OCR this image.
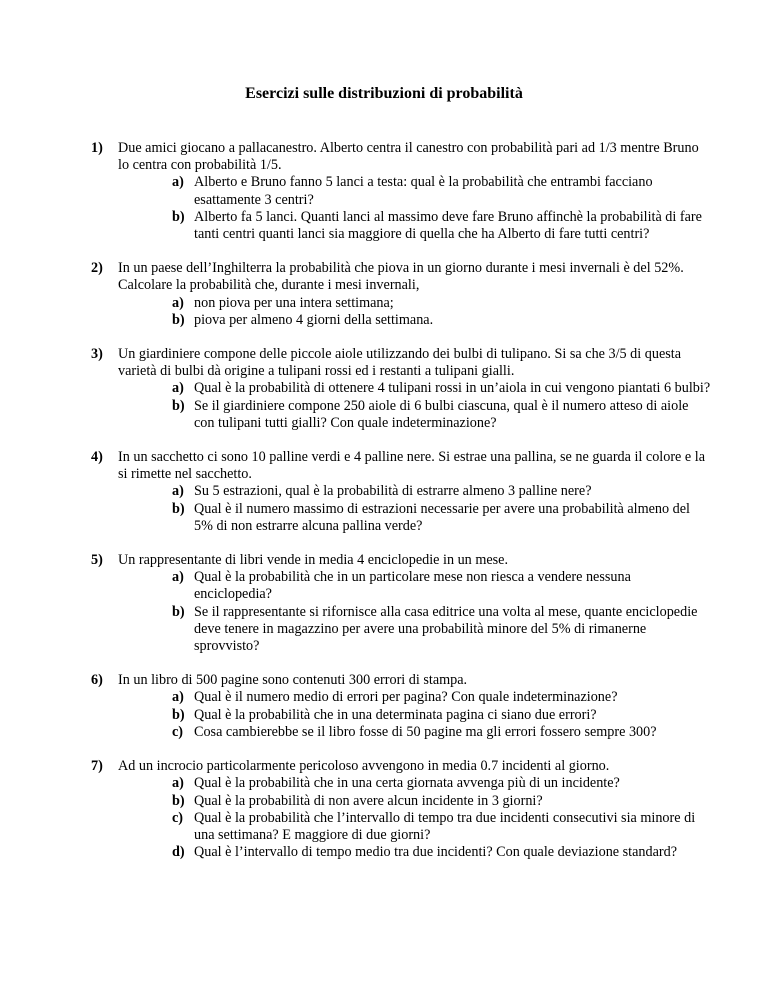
Esercizi sulle distribuzioni di probabilità
1) Due amici giocano a pallacanestro. Alberto centra il canestro con probabilità pari ad 1/3 mentre Bruno lo centra con probabilità 1/5.
a) Alberto e Bruno fanno 5 lanci a testa: qual è la probabilità che entrambi facciano esattamente 3 centri?
b) Alberto fa 5 lanci. Quanti lanci al massimo deve fare Bruno affinchè la probabilità di fare tanti centri quanti lanci sia maggiore di quella che ha Alberto di fare tutti centri?
2) In un paese dell’Inghilterra la probabilità che piova in un giorno durante i mesi invernali è del 52%. Calcolare la probabilità che, durante i mesi invernali,
a) non piova per una intera settimana;
b) piova per almeno 4 giorni della settimana.
3) Un giardiniere compone delle piccole aiole utilizzando dei bulbi di tulipano. Si sa che 3/5 di questa varietà di bulbi dà origine a tulipani rossi ed i restanti a tulipani gialli.
a) Qual è la probabilità di ottenere 4 tulipani rossi in un’aiola in cui vengono piantati 6 bulbi?
b) Se il giardiniere compone 250 aiole di 6 bulbi ciascuna, qual è il numero atteso di aiole con tulipani tutti gialli? Con quale indeterminazione?
4) In un sacchetto ci sono 10 palline verdi e 4 palline nere. Si estrae una pallina, se ne guarda il colore e la si rimette nel sacchetto.
a) Su 5 estrazioni, qual è la probabilità di estrarre almeno 3 palline nere?
b) Qual è il numero massimo di estrazioni necessarie per avere una probabilità almeno del 5% di non estrarre alcuna pallina verde?
5) Un rappresentante di libri vende in media 4 enciclopedie in un mese.
a) Qual è la probabilità che in un particolare mese non riesca a vendere nessuna enciclopedia?
b) Se il rappresentante si rifornisce alla casa editrice una volta al mese, quante enciclopedie deve tenere in magazzino per avere una probabilità minore del 5% di rimanerne sprovvisto?
6) In un libro di 500 pagine sono contenuti 300 errori di stampa.
a) Qual è il numero medio di errori per pagina? Con quale indeterminazione?
b) Qual è la probabilità che in una determinata pagina ci siano due errori?
c) Cosa cambierebbe se il libro fosse di 50 pagine ma gli errori fossero sempre 300?
7) Ad un incrocio particolarmente pericoloso avvengono in media 0.7 incidenti al giorno.
a) Qual è la probabilità che in una certa giornata avvenga più di un incidente?
b) Qual è la probabilità di non avere alcun incidente in 3 giorni?
c) Qual è la probabilità che l’intervallo di tempo tra due incidenti consecutivi sia minore di una settimana? E maggiore di due giorni?
d) Qual è l’intervallo di tempo medio tra due incidenti? Con quale deviazione standard?
